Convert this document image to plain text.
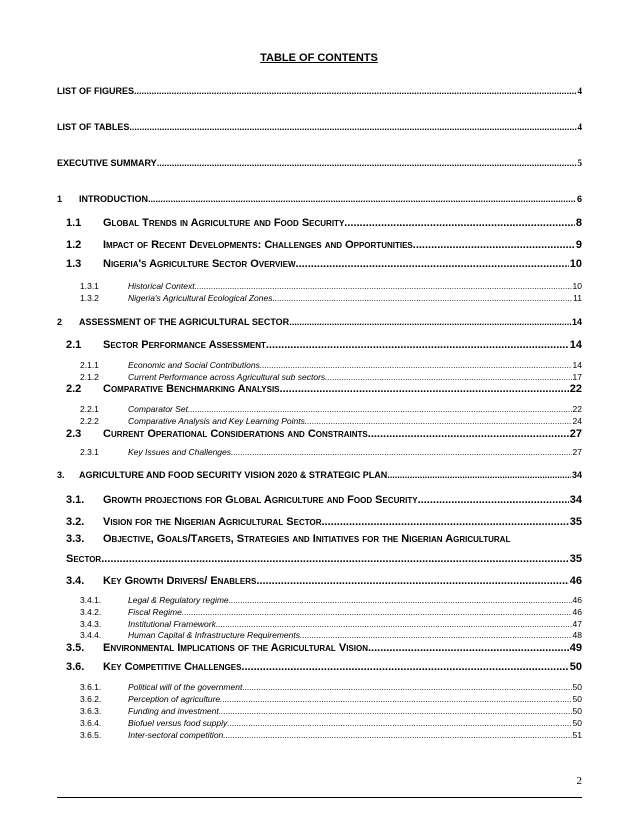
TABLE OF CONTENTS
LIST OF FIGURES .....	4
LIST OF TABLES .....	4
EXECUTIVE SUMMARY .....	5
1	INTRODUCTION .....	6
1.1	Global Trends in Agriculture and Food Security .....	8
1.2	Impact of Recent Developments: Challenges and Opportunities. .....	9
1.3	Nigeria's Agriculture Sector Overview .....	10
1.3.1	Historical Context .....	10
1.3.2	Nigeria's Agricultural Ecological Zones .....	11
2	ASSESSMENT OF THE AGRICULTURAL SECTOR .....	14
2.1	Sector Performance Assessment .....	14
2.1.1	Economic and Social Contributions .....	14
2.1.2	Current Performance across Agricultural sub sectors .....	17
2.2	Comparative Benchmarking Analysis .....	22
2.2.1	Comparator Set .....	22
2.2.2	Comparative Analysis and Key Learning Points .....	24
2.3	Current Operational Considerations and Constraints .....	27
2.3.1	Key Issues and Challenges .....	27
3.	AGRICULTURE AND FOOD SECURITY VISION 2020 & STRATEGIC PLAN .....	34
3.1.	Growth projections for Global Agriculture and Food Security .....	34
3.2.	Vision for the Nigerian Agricultural Sector .....	35
3.3. Objective, Goals/Targets, Strategies and Initiatives for the Nigerian Agricultural
Sector .....	35
3.4.	Key Growth Drivers/ Enablers .....	46
3.4.1.	Legal & Regulatory regime .....	46
3.4.2.	Fiscal Regime .....	46
3.4.3.	Institutional Framework .....	47
3.4.4.	Human Capital & Infrastructure Requirements .....	48
3.5.	Environmental Implications of the Agricultural Vision .....	49
3.6.	Key Competitive Challenges .....	50
3.6.1.	Political will of the government .....	50
3.6.2.	Perception of agriculture .....	50
3.6.3.	Funding and investment .....	50
3.6.4.	Biofuel versus food supply .....	50
3.6.5.	Inter-sectoral competition .....	51
2
